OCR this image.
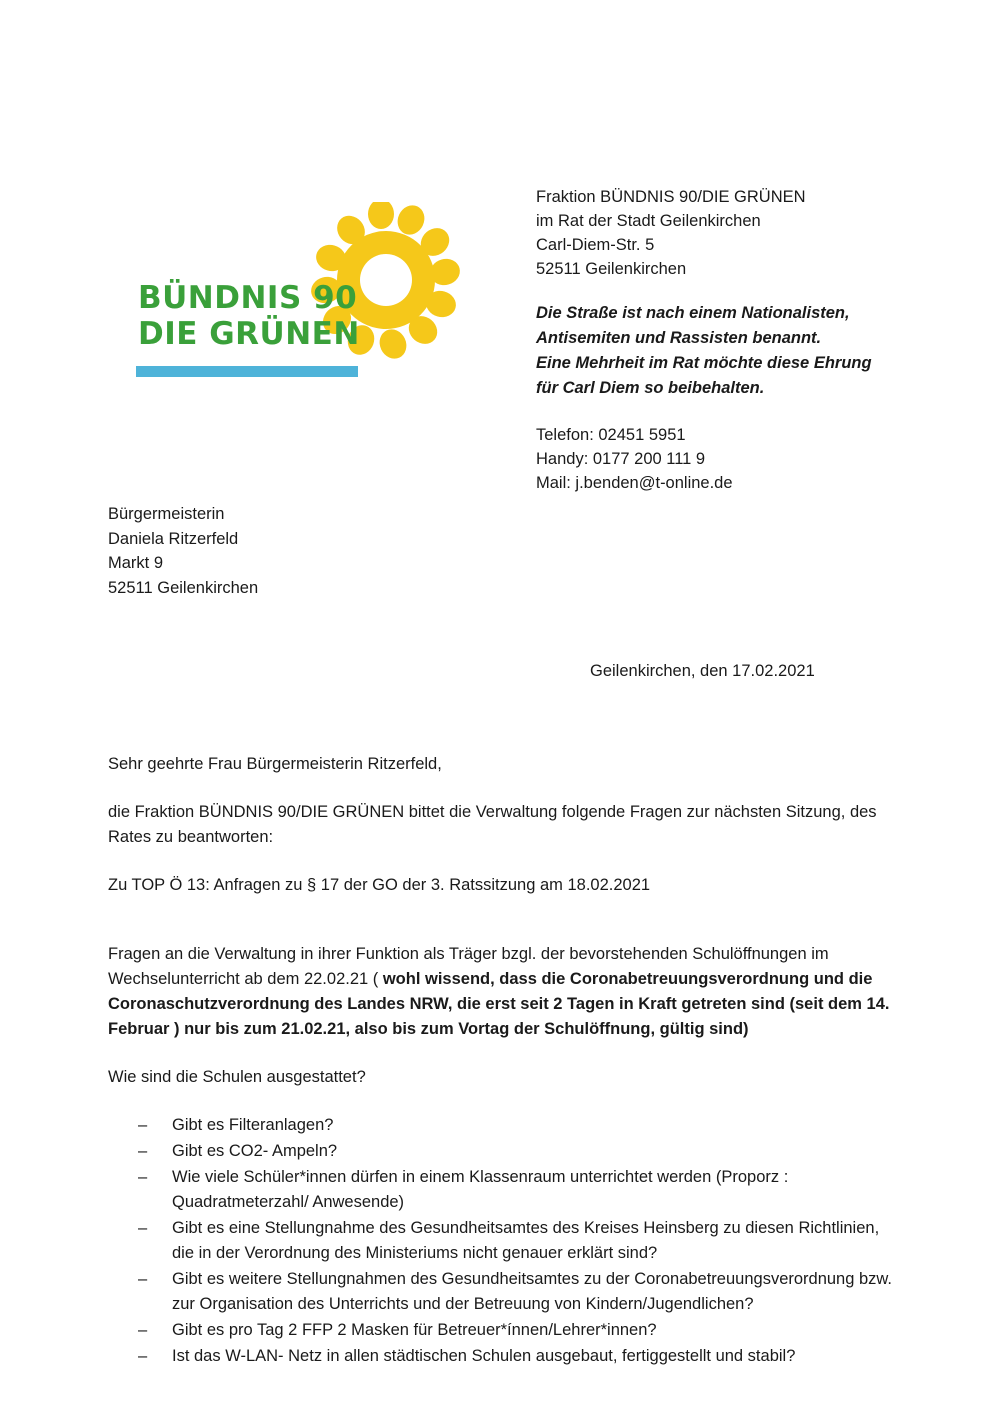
BÜNDNIS 90
DIE GRÜNEN
Fraktion BÜNDNIS 90/DIE GRÜNEN
im Rat der Stadt Geilenkirchen
Carl-Diem-Str. 5
52511 Geilenkirchen
Die Straße ist nach einem Nationalisten,
Antisemiten und Rassisten benannt.
Eine Mehrheit im Rat möchte diese Ehrung
für Carl Diem so beibehalten.
Telefon: 02451 5951
Handy: 0177 200 111 9
Mail: j.benden@t-online.de
Bürgermeisterin
Daniela Ritzerfeld
Markt 9
52511 Geilenkirchen
Geilenkirchen, den 17.02.2021

Sehr geehrte Frau Bürgermeisterin Ritzerfeld,

die Fraktion BÜNDNIS 90/DIE GRÜNEN bittet die Verwaltung folgende Fragen zur nächsten Sitzung, des Rates zu beantworten:

Zu TOP Ö 13: Anfragen zu § 17 der GO der 3. Ratssitzung am 18.02.2021

Fragen an die Verwaltung in ihrer Funktion als Träger bzgl. der bevorstehenden Schulöffnungen im Wechselunterricht ab dem 22.02.21 ( wohl wissend, dass die Coronabetreuungsverordnung und die Coronaschutzverordnung des Landes NRW, die erst seit 2 Tagen in Kraft getreten sind (seit dem 14. Februar ) nur bis zum 21.02.21, also bis zum Vortag der Schulöffnung, gültig sind)

Wie sind die Schulen ausgestattet?

– Gibt es Filteranlagen?
– Gibt es CO2- Ampeln?
– Wie viele Schüler*innen dürfen in einem Klassenraum unterrichtet werden (Proporz : Quadratmeterzahl/ Anwesende)
– Gibt es eine Stellungnahme des Gesundheitsamtes des Kreises Heinsberg zu diesen Richtlinien, die in der Verordnung des Ministeriums nicht genauer erklärt sind?
– Gibt es weitere Stellungnahmen des Gesundheitsamtes zu der Coronabetreuungsverordnung bzw. zur Organisation des Unterrichts und der Betreuung von Kindern/Jugendlichen?
– Gibt es pro Tag 2 FFP 2 Masken für Betreuer*ínnen/Lehrer*innen?
– Ist das W-LAN- Netz in allen städtischen Schulen ausgebaut, fertiggestellt und stabil?
